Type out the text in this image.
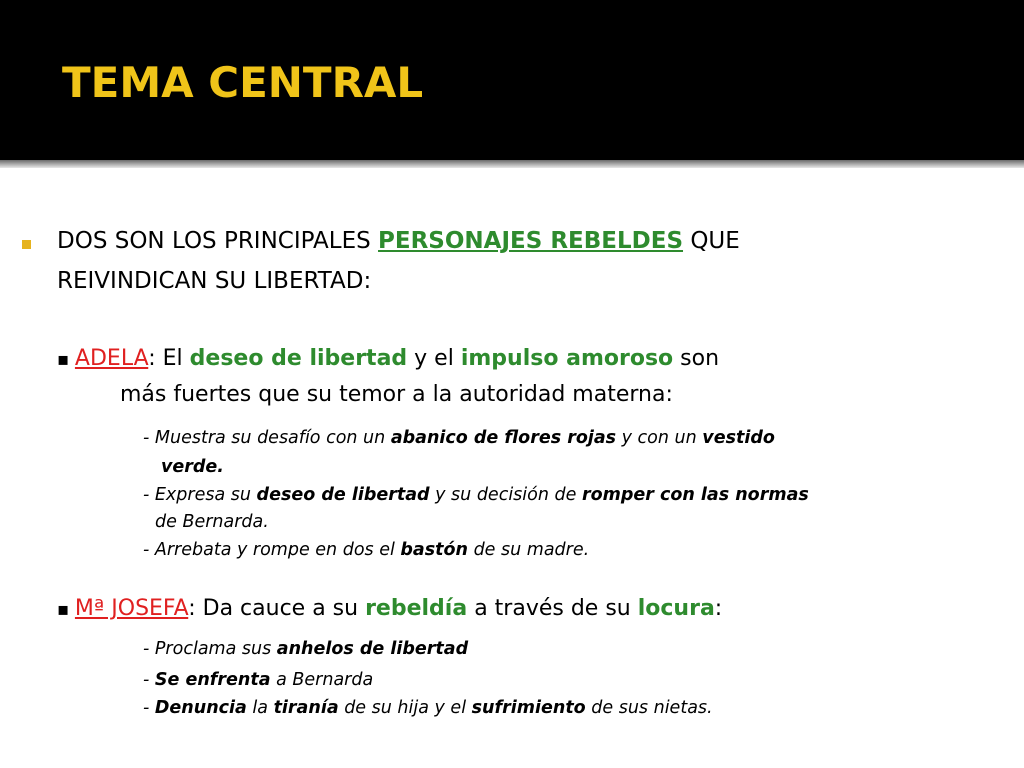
TEMA CENTRAL
DOS SON LOS PRINCIPALES PERSONAJES REBELDES QUE
REIVINDICAN SU LIBERTAD:
▪ ADELA: El deseo de libertad y el impulso amoroso son
más fuertes que su temor a la autoridad materna:
- Muestra su desafío con un abanico de flores rojas y con un vestido
verde.
- Expresa su deseo de libertad y su decisión de romper con las normas
de Bernarda.
- Arrebata y rompe en dos el bastón de su madre.
▪ Mª JOSEFA: Da cauce a su rebeldía a través de su locura:
- Proclama sus anhelos de libertad
- Se enfrenta a Bernarda
- Denuncia la tiranía de su hija y el sufrimiento de sus nietas.
